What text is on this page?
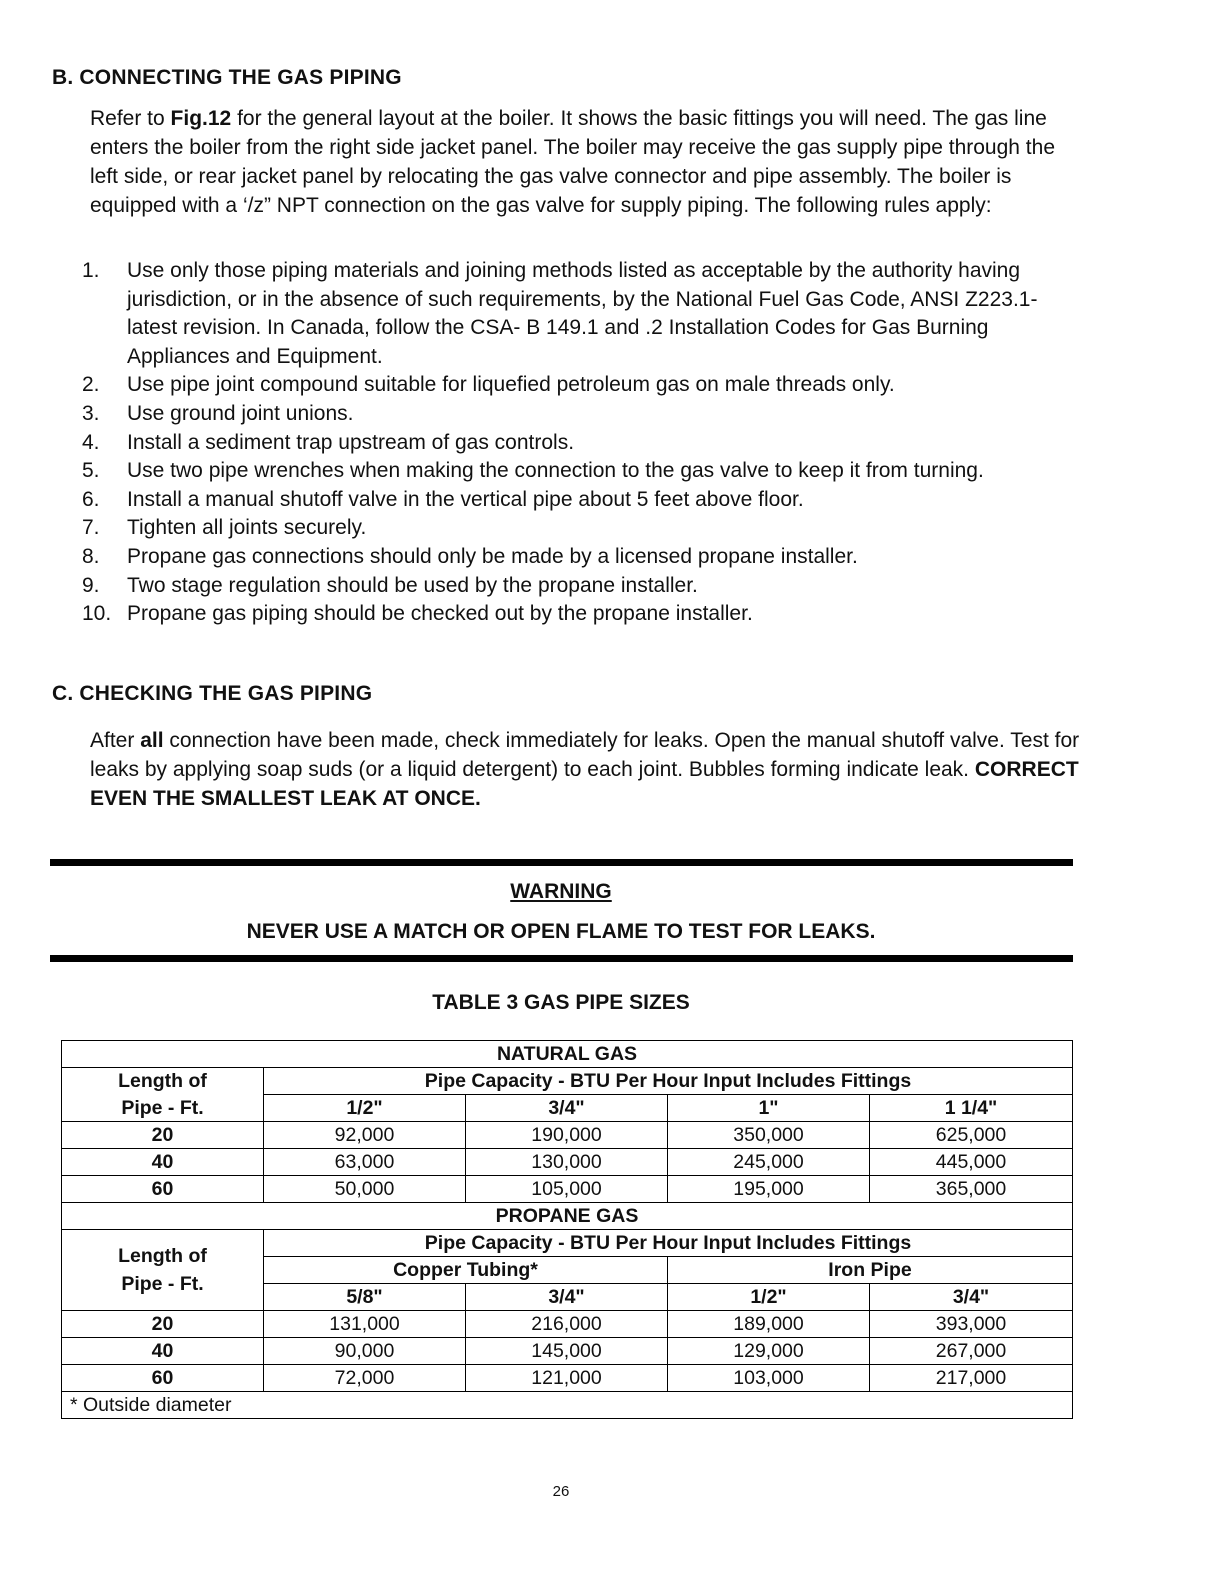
B. CONNECTING THE GAS PIPING
Refer to Fig.12 for the general layout at the boiler. It shows the basic fittings you will need. The gas line enters the boiler from the right side jacket panel. The boiler may receive the gas supply pipe through the left side, or rear jacket panel by relocating the gas valve connector and pipe assembly. The boiler is equipped with a ‘/z” NPT connection on the gas valve for supply piping. The following rules apply:
1. Use only those piping materials and joining methods listed as acceptable by the authority having jurisdiction, or in the absence of such requirements, by the National Fuel Gas Code, ANSI Z223.1- latest revision. In Canada, follow the CSA- B 149.1 and .2 Installation Codes for Gas Burning Appliances and Equipment.
2. Use pipe joint compound suitable for liquefied petroleum gas on male threads only.
3. Use ground joint unions.
4. Install a sediment trap upstream of gas controls.
5. Use two pipe wrenches when making the connection to the gas valve to keep it from turning.
6. Install a manual shutoff valve in the vertical pipe about 5 feet above floor.
7. Tighten all joints securely.
8. Propane gas connections should only be made by a licensed propane installer.
9. Two stage regulation should be used by the propane installer.
10. Propane gas piping should be checked out by the propane installer.
C. CHECKING THE GAS PIPING
After all connection have been made, check immediately for leaks. Open the manual shutoff valve. Test for leaks by applying soap suds (or a liquid detergent) to each joint. Bubbles forming indicate leak. CORRECT EVEN THE SMALLEST LEAK AT ONCE.
WARNING
NEVER USE A MATCH OR OPEN FLAME TO TEST FOR LEAKS.
TABLE 3 GAS PIPE SIZES
NATURAL GAS				
Length of	Pipe Capacity - BTU Per Hour Input Includes Fittings			
Pipe - Ft.	1/2"	3/4"	1"	1 1/4"
20	92,000	190,000	350,000	625,000
40	63,000	130,000	245,000	445,000
60	50,000	105,000	195,000	365,000
PROPANE GAS				
Length of
Pipe - Ft.	Pipe Capacity - BTU Per Hour Input Includes Fittings			
	Copper Tubing*		Iron Pipe	
	5/8"	3/4"	1/2"	3/4"
20	131,000	216,000	189,000	393,000
40	90,000	145,000	129,000	267,000
60	72,000	121,000	103,000	217,000
* Outside diameter				
26
